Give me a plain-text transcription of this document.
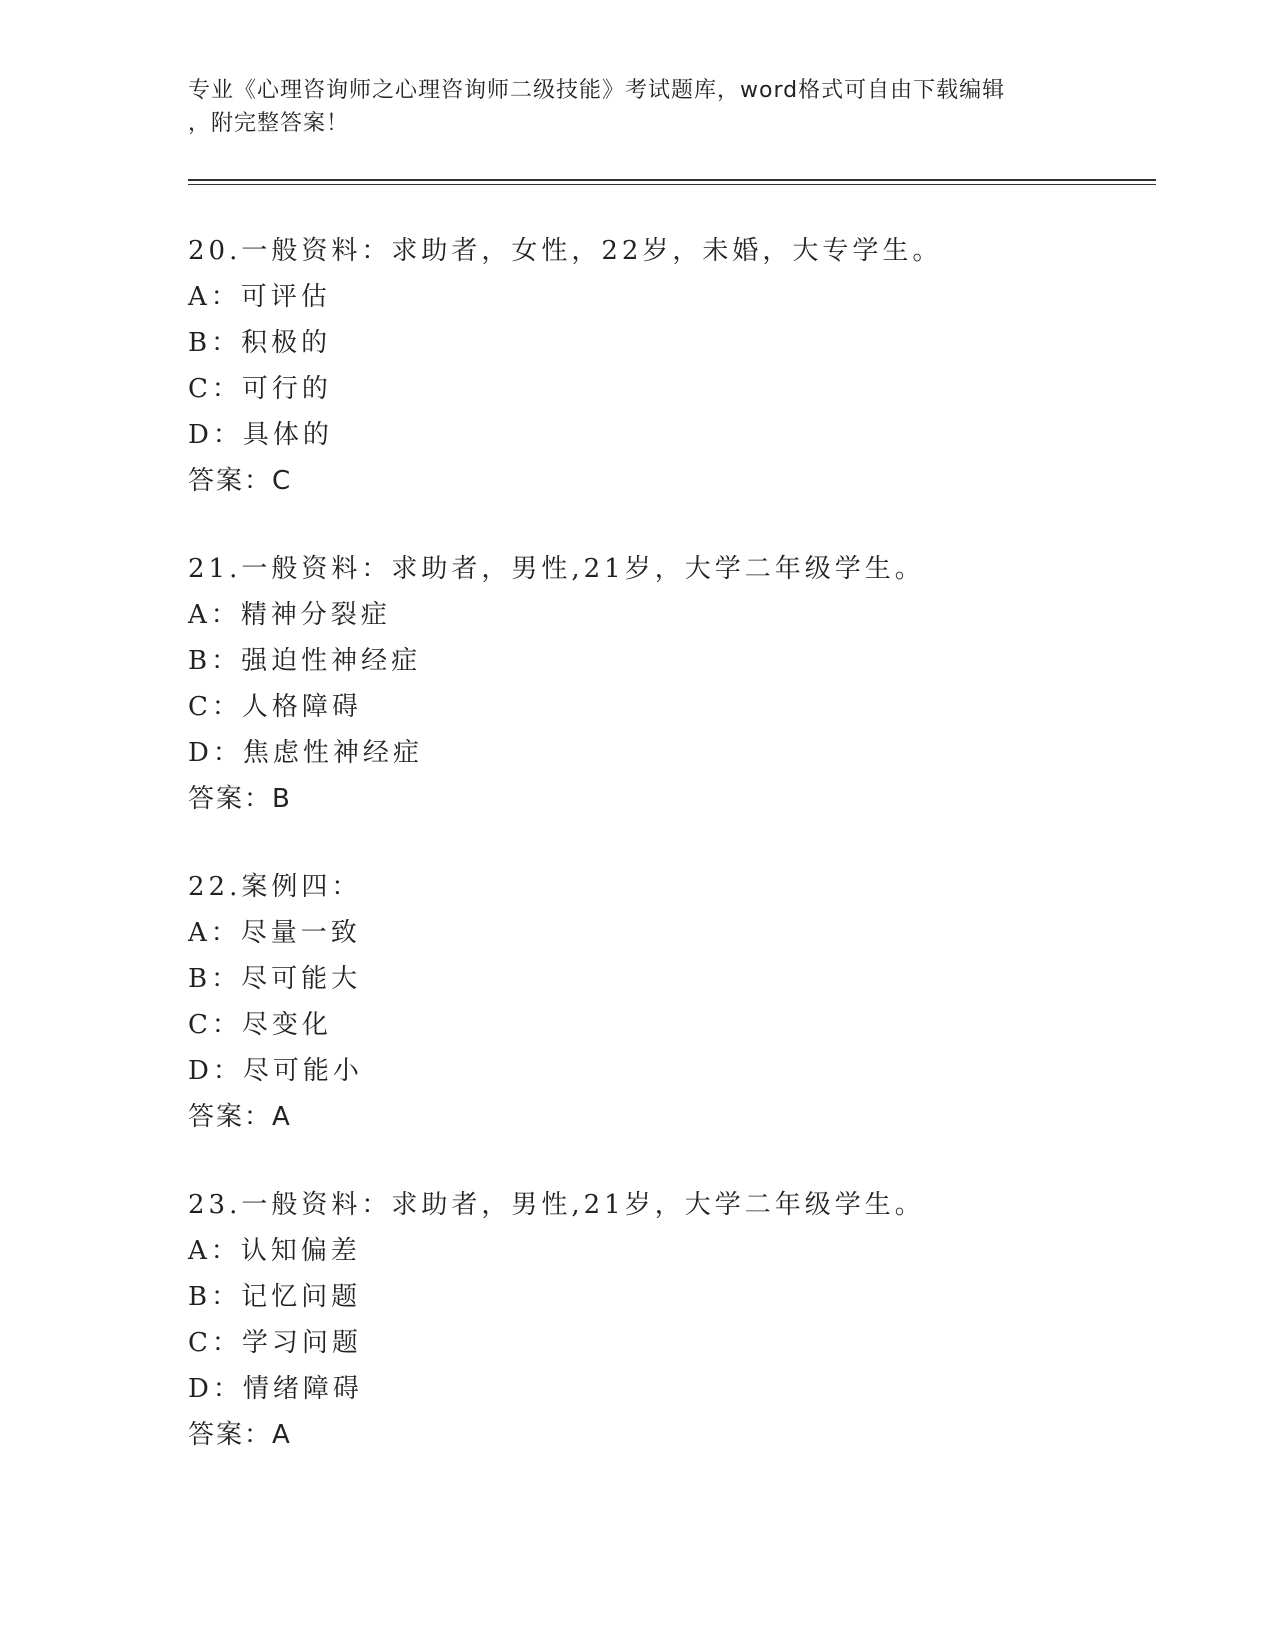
专业《心理咨询师之心理咨询师二级技能》考试题库，word格式可自由下载编辑
，附完整答案！
20.一般资料：求助者，女性，22岁，未婚，大专学生。
A：可评估
B：积极的
C：可行的
D：具体的
答案：C
21.一般资料：求助者，男性,21岁，大学二年级学生。
A：精神分裂症
B：强迫性神经症
C：人格障碍
D：焦虑性神经症
答案：B
22.案例四：
A：尽量一致
B：尽可能大
C：尽变化
D：尽可能小
答案：A
23.一般资料：求助者，男性,21岁，大学二年级学生。
A：认知偏差
B：记忆问题
C：学习问题
D：情绪障碍
答案：A
